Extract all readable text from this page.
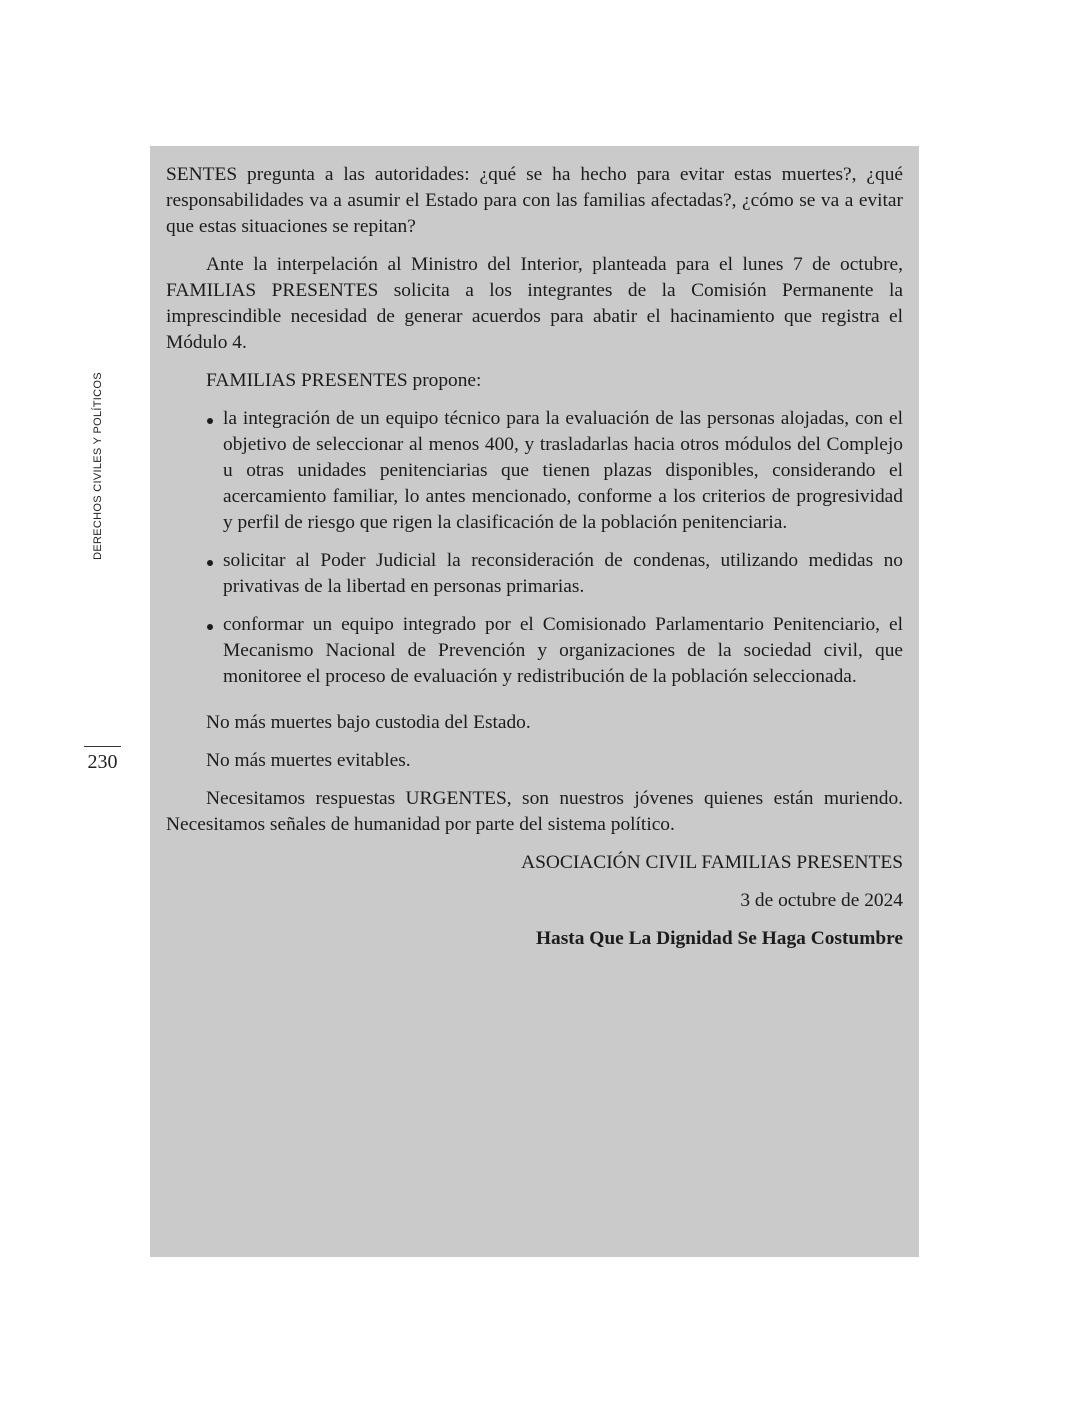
DERECHOS CIVILES Y POLÍTICOS
230

SENTES pregunta a las autoridades: ¿qué se ha hecho para evitar estas muertes?, ¿qué responsabilidades va a asumir el Estado para con las familias afectadas?, ¿cómo se va a evitar que estas situaciones se repitan?

Ante la interpelación al Ministro del Interior, planteada para el lunes 7 de octubre, FAMILIAS PRESENTES solicita a los integrantes de la Comisión Permanente la imprescindible necesidad de generar acuerdos para abatir el hacinamiento que registra el Módulo 4.

FAMILIAS PRESENTES propone:

la integración de un equipo técnico para la evaluación de las personas alojadas, con el objetivo de seleccionar al menos 400, y trasladarlas hacia otros módulos del Complejo u otras unidades penitenciarias que tienen plazas disponibles, considerando el acercamiento familiar, lo antes mencionado, conforme a los criterios de progresividad y perfil de riesgo que rigen la clasificación de la población penitenciaria.
solicitar al Poder Judicial la reconsideración de condenas, utilizando medidas no privativas de la libertad en personas primarias.
conformar un equipo integrado por el Comisionado Parlamentario Penitenciario, el Mecanismo Nacional de Prevención y organizaciones de la sociedad civil, que monitoree el proceso de evaluación y redistribución de la población seleccionada.

No más muertes bajo custodia del Estado.

No más muertes evitables.

Necesitamos respuestas URGENTES, son nuestros jóvenes quienes están muriendo. Necesitamos señales de humanidad por parte del sistema político.

ASOCIACIÓN CIVIL FAMILIAS PRESENTES

3 de octubre de 2024

Hasta Que La Dignidad Se Haga Costumbre
